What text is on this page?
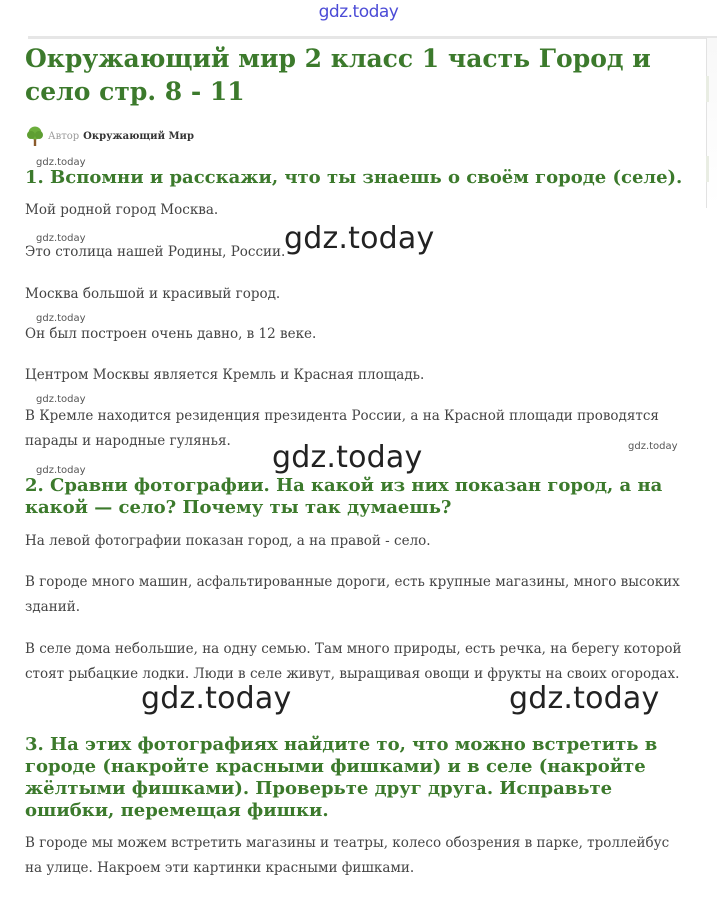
gdz.today
Окружающий мир 2 класс 1 часть Город и село стр. 8 - 11
Автор Окружающий Мир
gdz.today
1. Вспомни и расскажи, что ты знаешь о своём городе (селе).

Мой родной город Москва.

gdz.today	gdz.today

Это столица нашей Родины, России.

Москва большой и красивый город.

gdz.today

Он был построен очень давно, в 12 веке.

Центром Москвы является Кремль и Красная площадь.

gdz.today

В Кремле находится резиденция президента России, а на Красной площади проводятся парады и народные гулянья.	gdz.today
gdz.today
gdz.today
2. Сравни фотографии. На какой из них показан город, а на какой — село? Почему ты так думаешь?

На левой фотографии показан город, а на правой - село.

В городе много машин, асфальтированные дороги, есть крупные магазины, много высоких зданий.

В селе дома небольшие, на одну семью. Там много природы, есть речка, на берегу которой стоят рыбацкие лодки. Люди в селе живут, выращивая овощи и фрукты на своих огородах.

gdz.today	gdz.today
3. На этих фотографиях найдите то, что можно встретить в городе (накройте красными фишками) и в селе (накройте жёлтыми фишками). Проверьте друг друга. Исправьте ошибки, перемещая фишки.

В городе мы можем встретить магазины и театры, колесо обозрения в парке, троллейбус на улице. Накроем эти картинки красными фишками.
